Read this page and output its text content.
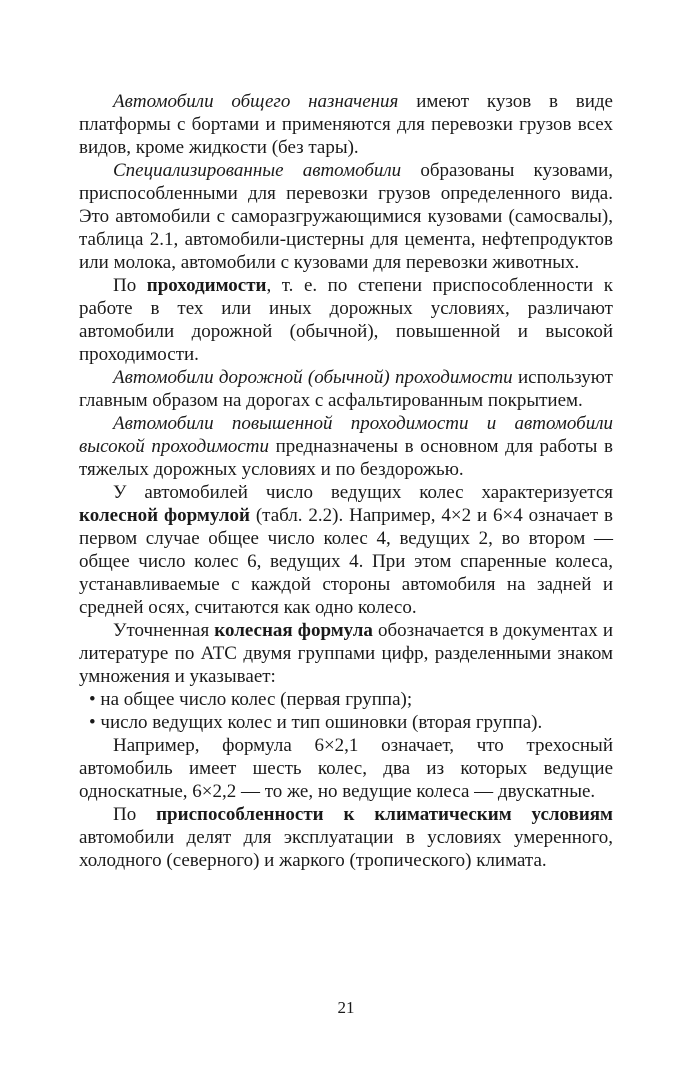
Автомобили общего назначения имеют кузов в виде платформы с бортами и применяются для перевозки грузов всех видов, кроме жидкости (без тары).

Специализированные автомобили образованы кузовами, приспособленными для перевозки грузов определенного вида. Это автомобили с саморазгружающимися кузовами (самосвалы), таблица 2.1, автомобили-цистерны для цемента, нефтепродуктов или молока, автомобили с кузовами для перевозки животных.

По проходимости, т. е. по степени приспособленности к работе в тех или иных дорожных условиях, различают автомобили дорожной (обычной), повышенной и высокой проходимости.

Автомобили дорожной (обычной) проходимости используют главным образом на дорогах с асфальтированным покрытием.

Автомобили повышенной проходимости и автомобили высокой проходимости предназначены в основном для работы в тяжелых дорожных условиях и по бездорожью.

У автомобилей число ведущих колес характеризуется колесной формулой (табл. 2.2). Например, 4×2 и 6×4 означает в первом случае общее число колес 4, ведущих 2, во втором — общее число колес 6, ведущих 4. При этом спаренные колеса, устанавливаемые с каждой стороны автомобиля на задней и средней осях, считаются как одно колесо.

Уточненная колесная формула обозначается в документах и литературе по АТС двумя группами цифр, разделенными знаком умножения и указывает:

• на общее число колес (первая группа);

• число ведущих колес и тип ошиновки (вторая группа).

Например, формула 6×2,1 означает, что трехосный автомобиль имеет шесть колес, два из которых ведущие односкатные, 6×2,2 — то же, но ведущие колеса — двускатные.

По приспособленности к климатическим условиям автомобили делят для эксплуатации в условиях умеренного, холодного (северного) и жаркого (тропического) климата.

21
